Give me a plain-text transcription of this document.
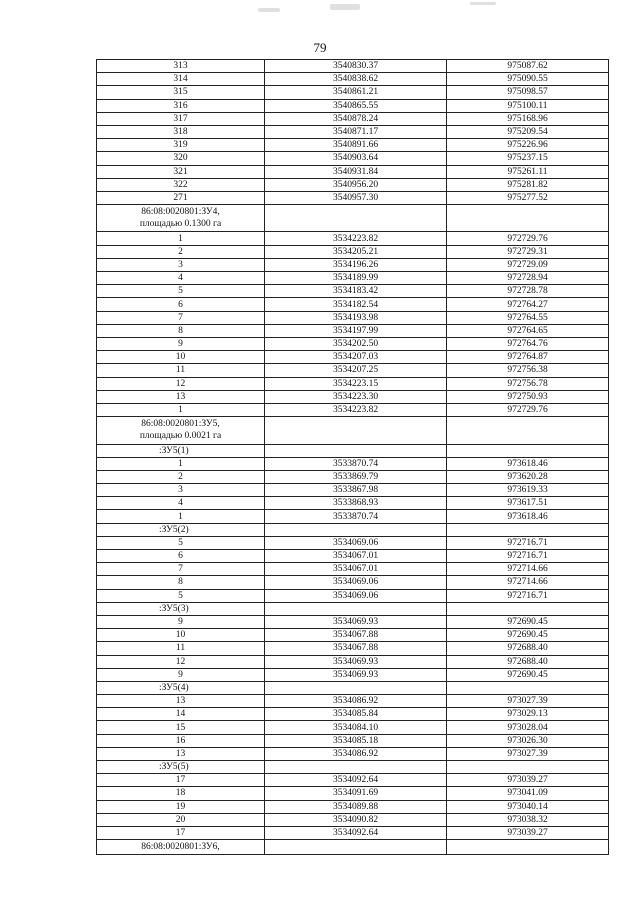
79
313	3540830.37	975087.62
314	3540838.62	975090.55
315	3540861.21	975098.57
316	3540865.55	975100.11
317	3540878.24	975168.96
318	3540871.17	975209.54
319	3540891.66	975226.96
320	3540903.64	975237.15
321	3540931.84	975261.11
322	3540956.20	975281.82
271	3540957.30	975277.52

86:08:0020801:ЗУ4,
площадью 0.1300 га		

1	3534223.82	972729.76
2	3534205.21	972729.31
3	3534196.26	972729.09
4	3534189.99	972728.94
5	3534183.42	972728.78
6	3534182.54	972764.27
7	3534193.98	972764.55
8	3534197.99	972764.65
9	3534202.50	972764.76
10	3534207.03	972764.87
11	3534207.25	972756.38
12	3534223.15	972756.78
13	3534223.30	972750.93
1	3534223.82	972729.76

86:08:0020801:ЗУ5,
площадью 0.0021 га		

:ЗУ5(1)		
1	3533870.74	973618.46
2	3533869.79	973620.28
3	3533867.98	973619.33
4	3533868.93	973617.51
1	3533870.74	973618.46
:ЗУ5(2)		
5	3534069.06	972716.71
6	3534067.01	972716.71
7	3534067.01	972714.66
8	3534069.06	972714.66
5	3534069.06	972716.71
:ЗУ5(3)		
9	3534069.93	972690.45
10	3534067.88	972690.45
11	3534067.88	972688.40
12	3534069.93	972688.40
9	3534069.93	972690.45
:ЗУ5(4)		
13	3534086.92	973027.39
14	3534085.84	973029.13
15	3534084.10	973028.04
16	3534085.18	973026.30
13	3534086.92	973027.39
:ЗУ5(5)		
17	3534092.64	973039.27
18	3534091.69	973041.09
19	3534089.88	973040.14
20	3534090.82	973038.32
17	3534092.64	973039.27

86:08:0020801:ЗУ6,		
